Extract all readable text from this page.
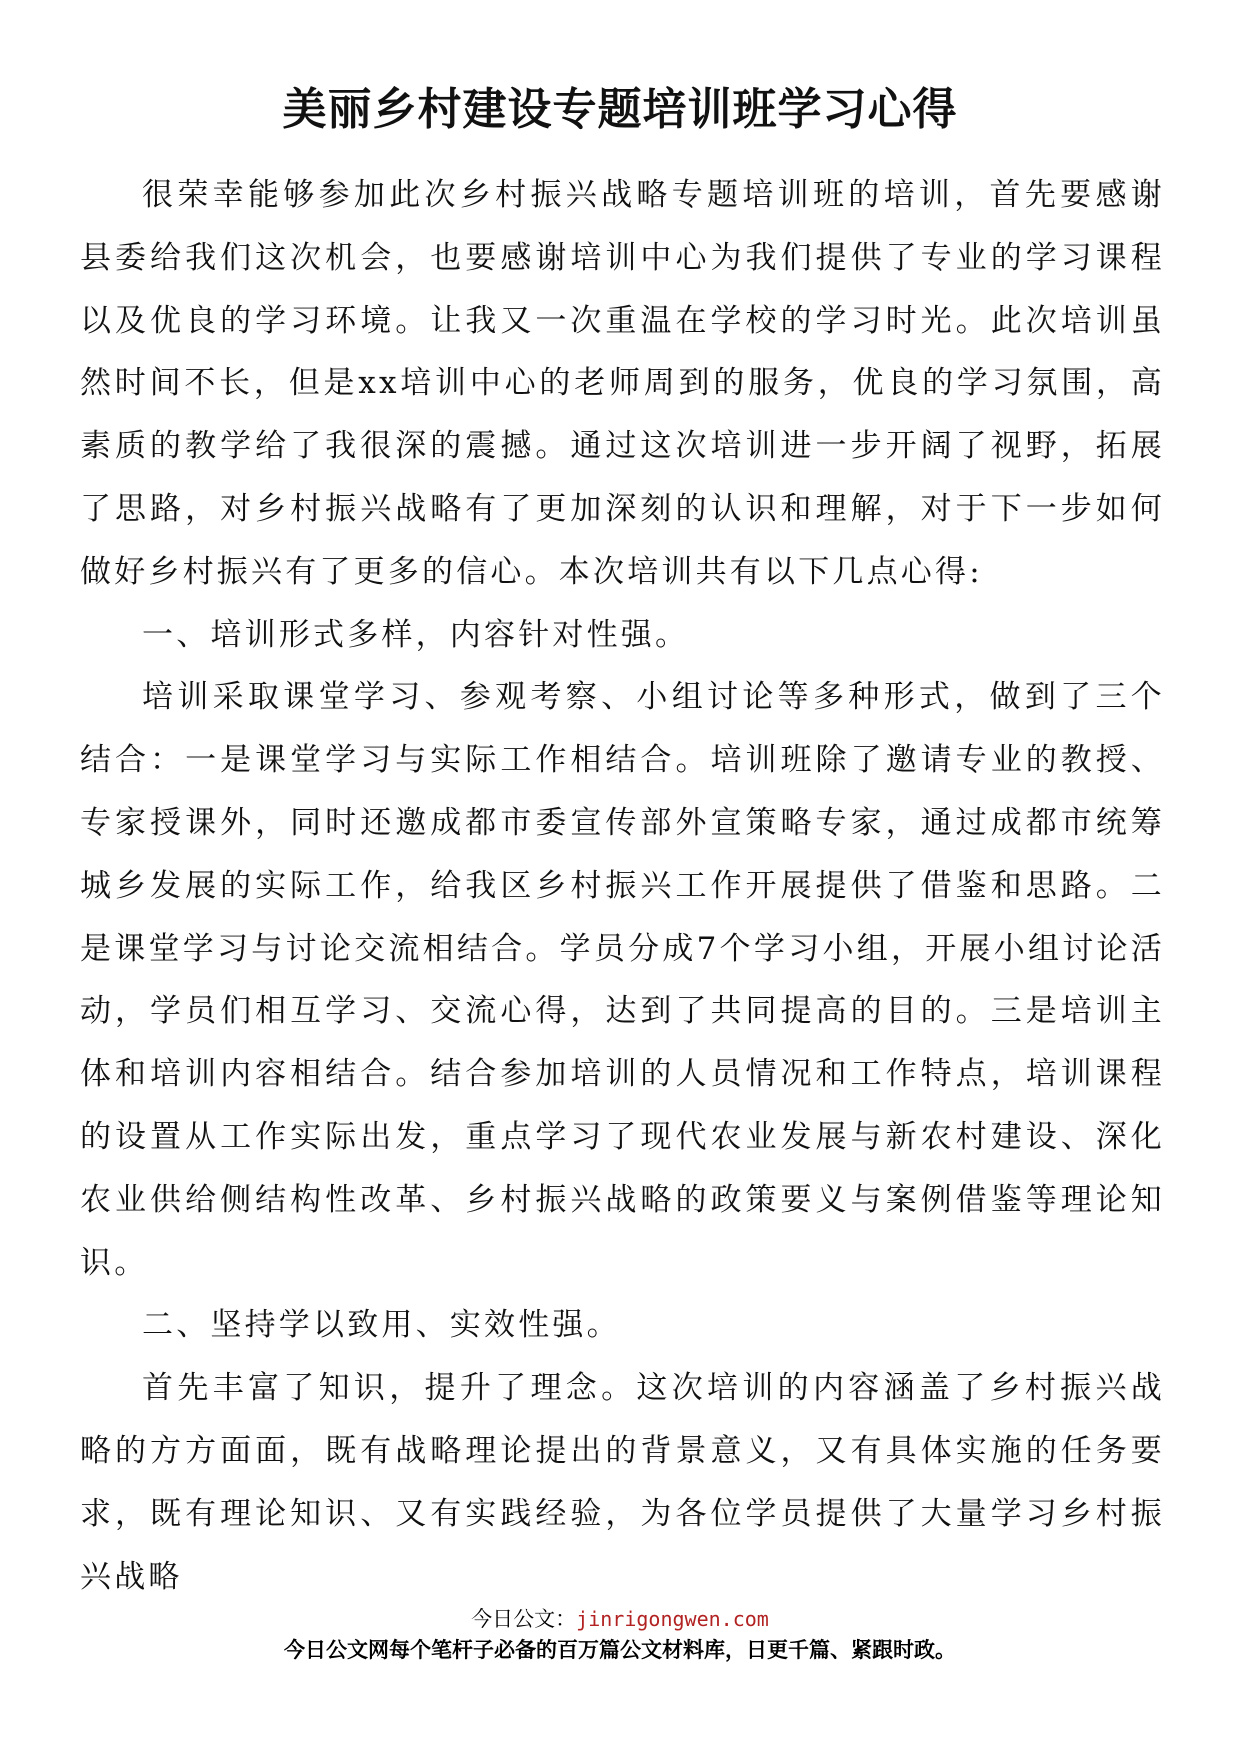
美丽乡村建设专题培训班学习心得

很荣幸能够参加此次乡村振兴战略专题培训班的培训，首先要感谢县委给我们这次机会，也要感谢培训中心为我们提供了专业的学习课程以及优良的学习环境。让我又一次重温在学校的学习时光。此次培训虽然时间不长，但是xx培训中心的老师周到的服务，优良的学习氛围，高素质的教学给了我很深的震撼。通过这次培训进一步开阔了视野，拓展了思路，对乡村振兴战略有了更加深刻的认识和理解，对于下一步如何做好乡村振兴有了更多的信心。本次培训共有以下几点心得:

一、培训形式多样，内容针对性强。

培训采取课堂学习、参观考察、小组讨论等多种形式，做到了三个结合：一是课堂学习与实际工作相结合。培训班除了邀请专业的教授、专家授课外，同时还邀成都市委宣传部外宣策略专家，通过成都市统筹城乡发展的实际工作，给我区乡村振兴工作开展提供了借鉴和思路。二是课堂学习与讨论交流相结合。学员分成7个学习小组，开展小组讨论活动，学员们相互学习、交流心得，达到了共同提高的目的。三是培训主体和培训内容相结合。结合参加培训的人员情况和工作特点，培训课程的设置从工作实际出发，重点学习了现代农业发展与新农村建设、深化农业供给侧结构性改革、乡村振兴战略的政策要义与案例借鉴等理论知识。

二、坚持学以致用、实效性强。

首先丰富了知识，提升了理念。这次培训的内容涵盖了乡村振兴战略的方方面面，既有战略理论提出的背景意义，又有具体实施的任务要求，既有理论知识、又有实践经验，为各位学员提供了大量学习乡村振兴战略

今日公文：jinrigongwen.com
今日公文网每个笔杆子必备的百万篇公文材料库，日更千篇、紧跟时政。
